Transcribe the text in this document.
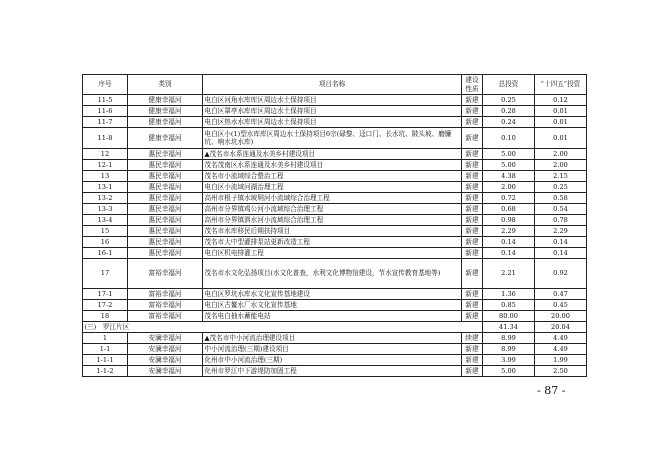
序号	类别	项目名称	建设性质	总投资	“十四五”投资
11-5	健康幸福河	电白区河角水库库区周边水土保持项目	新建	0.25	0.12
11-6	健康幸福河	电白区罩亭水库库区周边水土保持项目	新建	0.28	0.01
11-7	健康幸福河	电白区热水水库库区周边水土保持项目	新建	0.24	0.01
11-8	健康幸福河	电白区小(1)型水库库区周边水土保持项目6宗(碌黎、迳口门、长水坑、陂头坡、磨镰坑、响水坑水库)	新建	0.10	0.01
12	惠民幸福河	▲茂名市水系连通及水美乡村建设项目	新建	5.00	2.00
12-1	惠民幸福河	茂名茂南区水系连通及水美乡村建设项目	新建	5.00	2.00
13	惠民幸福河	茂名市小流域综合整治工程	新建	4.38	2.15
13-1	惠民幸福河	电白区小流域河湖治理工程	新建	2.00	0.25
13-2	惠民幸福河	高州市根子镇水坡垌河小流域综合治理工程	新建	0.72	0.58
13-3	惠民幸福河	高州市分界镇鸡公河小流域综合治理工程	新建	0.68	0.54
13-4	惠民幸福河	高州市分界镇泗水河小流域综合治理工程	新建	0.98	0.78
15	惠民幸福河	茂名市水库移民后期扶持项目	新建	2.29	2.29
16	惠民幸福河	茂名市大中型灌排泵站更新改造工程	新建	0.14	0.14
16-1	惠民幸福河	电白区机电排灌工程	新建	0.14	0.14
17	富裕幸福河	茂名市水文化弘扬项目(水文化普查，水利文化博物馆建设，节水宣传教育基地等)	新建	2.21	0.92
17-1	富裕幸福河	电白区罗坑水库水文化宣传基地建设	新建	1.36	0.47
17-2	富裕幸福河	电白区古鳌水厂水文化宣传基地	新建	0.85	0.45
18	富裕幸福河	茂名电白抽水蓄能电站	新建	80.00	20.00
(三)　罗江片区				41.34	20.04
1	安澜幸福河	▲茂名市中小河流治理建设项目	续建	8.99	4.49
1-1	安澜幸福河	中小河流治理(三期)建设项目	新建	8.99	4.49
1-1-1	安澜幸福河	化州市中小河流治理(三期)	新建	3.99	1.99
1-1-2	安澜幸福河	化州市罗江中下游堤防加固工程	新建	5.00	2.50
- 87 -
